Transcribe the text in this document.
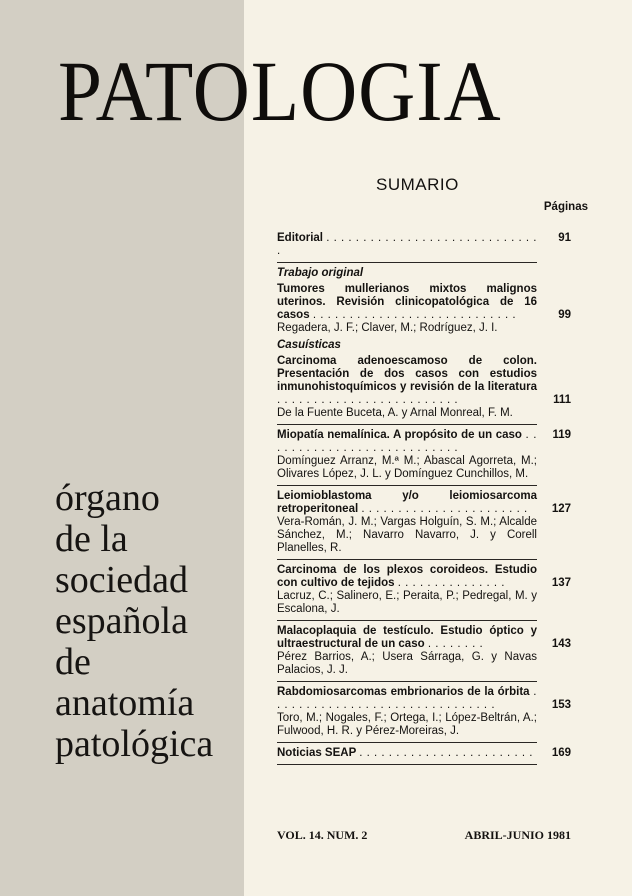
PATOLOGIA
órgano
de la
sociedad
española
de
anatomía
patológica
SUMARIO
Páginas
Editorial . . . . . . . . . . . . . . . . . . . . . . . . . . . . . .
91
Trabajo original
Tumores mullerianos mixtos malignos uterinos. Revisión clinicopatológica de 16 casos . . . . . . . . . . . . . . . . . . . . . . . . . . . .	99
Regadera, J. F.; Claver, M.; Rodríguez, J. I.
Casuísticas
Carcinoma adenoescamoso de colon. Presentación de dos casos con estudios inmunohistoquímicos y revisión de la literatura . . . . . . . . . . . . . . . . . . . . . . . . .	111
De la Fuente Buceta, A. y Arnal Monreal, F. M.
Miopatía nemalínica. A propósito de un caso . . . . . . . . . . . . . . . . . . . . . . . . . . .
119
Domínguez Arranz, M.ª M.; Abascal Agorreta, M.; Olivares López, J. L. y Domínguez Cunchillos, M.
Leiomioblastoma y/o leiomiosarcoma retroperitoneal . . . . . . . . . . . . . . . . . . . . . . .	127
Vera-Román, J. M.; Vargas Holguín, S. M.; Alcalde Sánchez, M.; Navarro Navarro, J. y Corell Planelles, R.
Carcinoma de los plexos coroideos. Estudio con cultivo de tejidos . . . . . . . . . . . . . . .	137
Lacruz, C.; Salinero, E.; Peraita, P.; Pedregal, M. y Escalona, J.
Malacoplaquia de testículo. Estudio óptico y ultraestructural de un caso . . . . . . . .	143
Pérez Barrios, A.; Usera Sárraga, G. y Navas Palacios, J. J.
Rabdomiosarcomas embrionarios de la órbita . . . . . . . . . . . . . . . . . . . . . . . . . . . . . . .	153
Toro, M.; Nogales, F.; Ortega, I.; López-Beltrán, A.; Fulwood, H. R. y Pérez-Moreiras, J.
Noticias SEAP . . . . . . . . . . . . . . . . . . . . . . . .	169
VOL. 14. NUM. 2	ABRIL-JUNIO 1981
